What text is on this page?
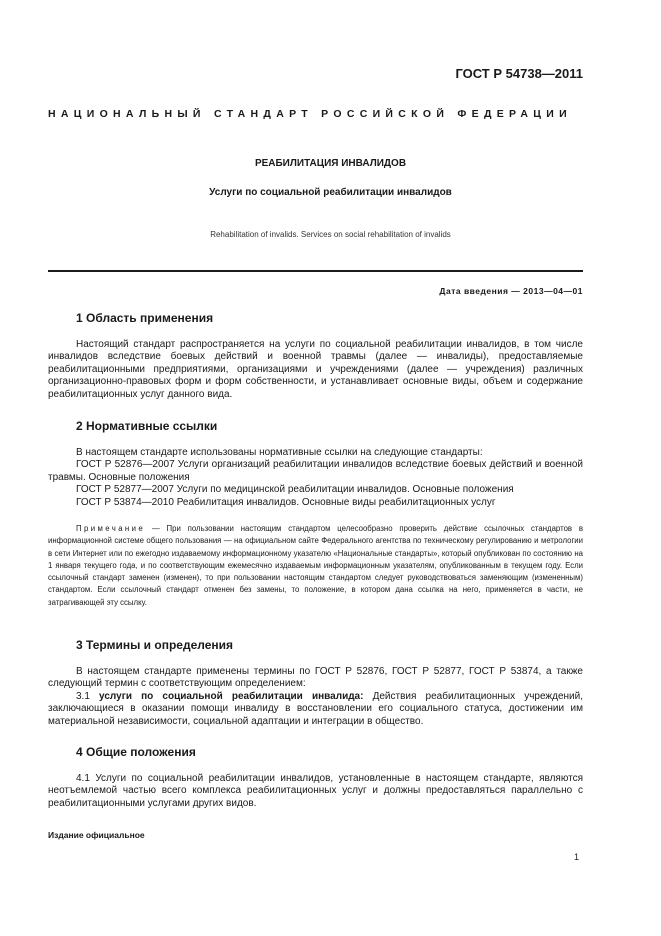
ГОСТ Р 54738—2011
НАЦИОНАЛЬНЫЙ СТАНДАРТ РОССИЙСКОЙ ФЕДЕРАЦИИ
РЕАБИЛИТАЦИЯ ИНВАЛИДОВ
Услуги по социальной реабилитации инвалидов
Rehabilitation of invalids. Services on social rehabilitation of invalids
Дата введения — 2013—04—01
1 Область применения

Настоящий стандарт распространяется на услуги по социальной реабилитации инвалидов, в том числе инвалидов вследствие боевых действий и военной травмы (далее — инвалиды), предоставляемые реабилитационными предприятиями, организациями и учреждениями (далее — учреждения) различных организационно-правовых форм и форм собственности, и устанавливает основные виды, объем и содержание реабилитационных услуг данного вида.

2 Нормативные ссылки

В настоящем стандарте использованы нормативные ссылки на следующие стандарты:

ГОСТ Р 52876—2007 Услуги организаций реабилитации инвалидов вследствие боевых действий и военной травмы. Основные положения

ГОСТ Р 52877—2007 Услуги по медицинской реабилитации инвалидов. Основные положения

ГОСТ Р 53874—2010 Реабилитация инвалидов. Основные виды реабилитационных услуг

Примечание — При пользовании настоящим стандартом целесообразно проверить действие ссылочных стандартов в информационной системе общего пользования — на официальном сайте Федерального агентства по техническому регулированию и метрологии в сети Интернет или по ежегодно издаваемому информационному указателю «Национальные стандарты», который опубликован по состоянию на 1 января текущего года, и по соответствующим ежемесячно издаваемым информационным указателям, опубликованным в текущем году. Если ссылочный стандарт заменен (изменен), то при пользовании настоящим стандартом следует руководствоваться заменяющим (измененным) стандартом. Если ссылочный стандарт отменен без замены, то положение, в котором дана ссылка на него, применяется в части, не затрагивающей эту ссылку.

3 Термины и определения

В настоящем стандарте применены термины по ГОСТ Р 52876, ГОСТ Р 52877, ГОСТ Р 53874, а также следующий термин с соответствующим определением:

3.1 услуги по социальной реабилитации инвалида: Действия реабилитационных учреждений, заключающиеся в оказании помощи инвалиду в восстановлении его социального статуса, достижении им материальной независимости, социальной адаптации и интеграции в общество.

4 Общие положения

4.1 Услуги по социальной реабилитации инвалидов, установленные в настоящем стандарте, являются неотъемлемой частью всего комплекса реабилитационных услуг и должны предоставляться параллельно с реабилитационными услугами других видов.

Издание официальное
1
